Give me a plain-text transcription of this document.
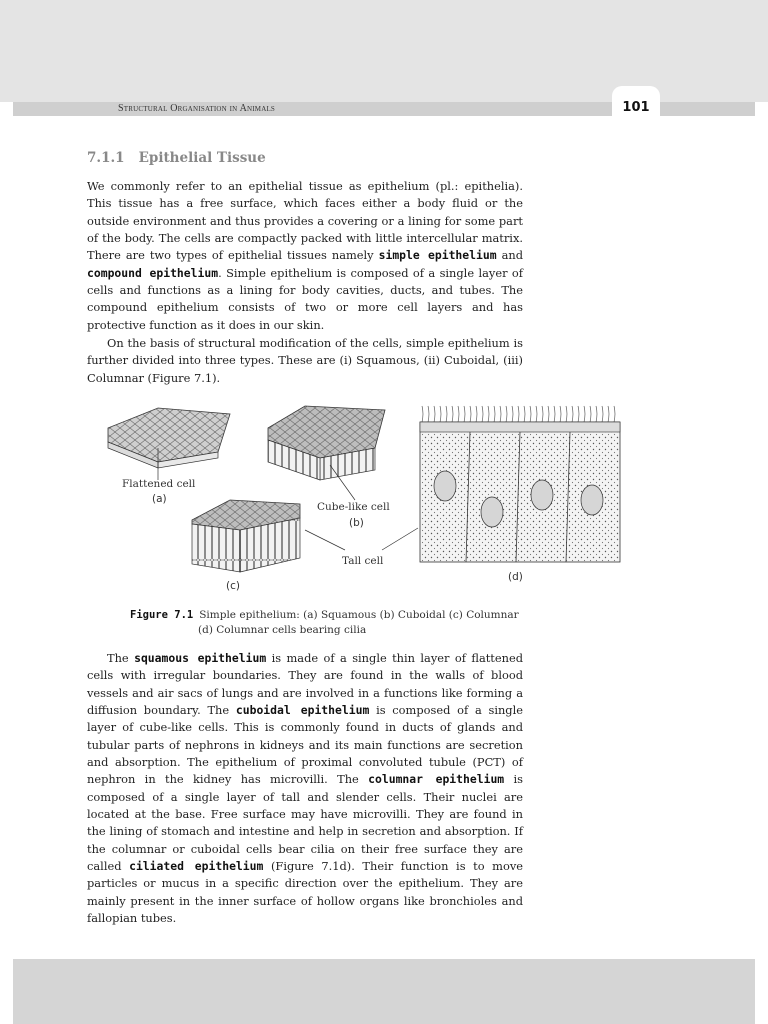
Structural Organisation in Animals	101
7.1.1 Epithelial Tissue

We commonly refer to an epithelial tissue as epithelium (pl.: epithelia). This tissue has a free surface, which faces either a body fluid or the outside environment and thus provides a covering or a lining for some part of the body. The cells are compactly packed with little intercellular matrix. There are two types of epithelial tissues namely simple epithelium and compound epithelium. Simple epithelium is composed of a single layer of cells and functions as a lining for body cavities, ducts, and tubes. The compound epithelium consists of two or more cell layers and has protective function as it does in our skin.

On the basis of structural modification of the cells, simple epithelium is further divided into three types. These are (i) Squamous, (ii) Cuboidal, (iii) Columnar (Figure 7.1).

Flattened cell
(a)
Cube-like cell
(b)
Tall cell
(c)
(d)
Figure 7.1 Simple epithelium: (a) Squamous (b) Cuboidal (c) Columnar
(d) Columnar cells bearing cilia

The squamous epithelium is made of a single thin layer of flattened cells with irregular boundaries. They are found in the walls of blood vessels and air sacs of lungs and are involved in a functions like forming a diffusion boundary. The cuboidal epithelium is composed of a single layer of cube-like cells. This is commonly found in ducts of glands and tubular parts of nephrons in kidneys and its main functions are secretion and absorption. The epithelium of proximal convoluted tubule (PCT) of nephron in the kidney has microvilli. The columnar epithelium is composed of a single layer of tall and slender cells. Their nuclei are located at the base. Free surface may have microvilli. They are found in the lining of stomach and intestine and help in secretion and absorption. If the columnar or cuboidal cells bear cilia on their free surface they are called ciliated epithelium (Figure 7.1d). Their function is to move particles or mucus in a specific direction over the epithelium. They are mainly present in the inner surface of hollow organs like bronchioles and fallopian tubes.
